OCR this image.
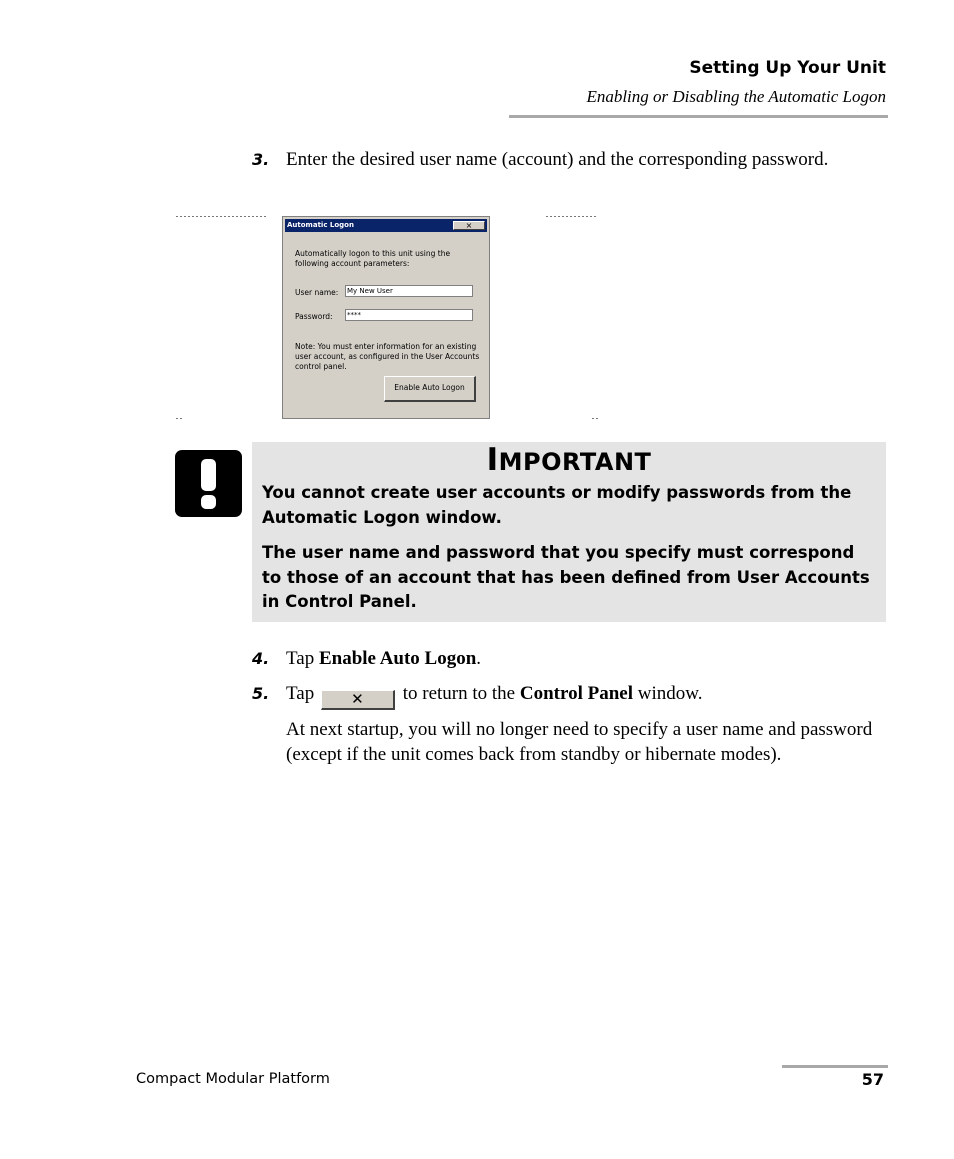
Setting Up Your Unit
Enabling or Disabling the Automatic Logon
3. Enter the desired user name (account) and the corresponding password.
Automatic Logon	×
Automatically logon to this unit using the following account parameters:
User name: My New User
Password: ****
Note: You must enter information for an existing user account, as configured in the User Accounts control panel.
Enable Auto Logon
IMPORTANT
You cannot create user accounts or modify passwords from the Automatic Logon window.
The user name and password that you specify must correspond to those of an account that has been defined from User Accounts in Control Panel.
4. Tap Enable Auto Logon.
5. Tap ✕ to return to the Control Panel window.
At next startup, you will no longer need to specify a user name and password (except if the unit comes back from standby or hibernate modes).
Compact Modular Platform	57
